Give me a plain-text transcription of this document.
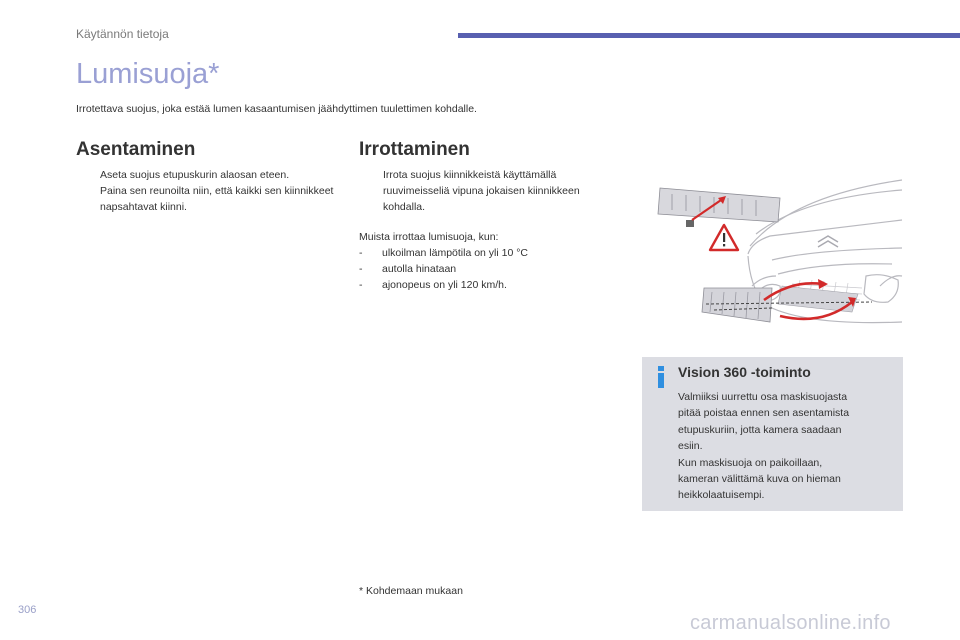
Käytännön tietoja
Lumisuoja*
Irrotettava suojus, joka estää lumen kasaantumisen jäähdyttimen tuulettimen kohdalle.
Asentaminen
Aseta suojus etupuskurin alaosan eteen.
Paina sen reunoilta niin, että kaikki sen kiinnikkeet napsahtavat kiinni.
Irrottaminen
Irrota suojus kiinnikkeistä käyttämällä ruuvimeisseliä vipuna jokaisen kiinnikkeen kohdalla.
Muista irrottaa lumisuoja, kun:
- ulkoilman lämpötila on yli 10 °C
- autolla hinataan
- ajonopeus on yli 120 km/h.
Vision 360 -toiminto
Valmiiksi uurrettu osa maskisuojasta
pitää poistaa ennen sen asentamista
etupuskuriin, jotta kamera saadaan
esiin.
Kun maskisuoja on paikoillaan,
kameran välittämä kuva on hieman
heikkolaatuisempi.
* Kohdemaan mukaan
306
carmanualsonline.info
